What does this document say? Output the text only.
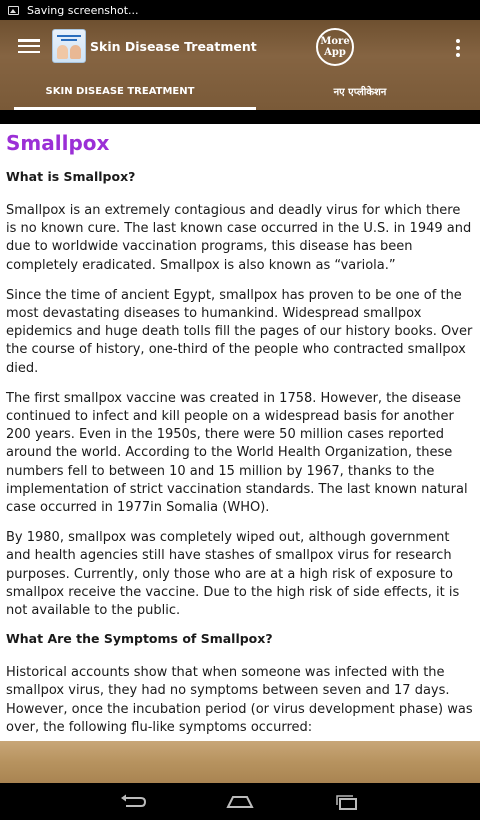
Saving screenshot...
Skin Disease Treatment	More
App
SKIN DISEASE TREATMENT	नए एप्लीकेशन
Smallpox
What is Smallpox?

Smallpox is an extremely contagious and deadly virus for which there is no known cure. The last known case occurred in the U.S. in 1949 and due to worldwide vaccination programs, this disease has been completely eradicated. Smallpox is also known as “variola.”

Since the time of ancient Egypt, smallpox has proven to be one of the most devastating diseases to humankind. Widespread smallpox epidemics and huge death tolls fill the pages of our history books. Over the course of history, one-third of the people who contracted smallpox died.

The first smallpox vaccine was created in 1758. However, the disease continued to infect and kill people on a widespread basis for another 200 years. Even in the 1950s, there were 50 million cases reported around the world. According to the World Health Organization, these numbers fell to between 10 and 15 million by 1967, thanks to the implementation of strict vaccination standards. The last known natural case occurred in 1977in Somalia (WHO).

By 1980, smallpox was completely wiped out, although government and health agencies still have stashes of smallpox virus for research purposes. Currently, only those who are at a high risk of exposure to smallpox receive the vaccine. Due to the high risk of side effects, it is not available to the public.

What Are the Symptoms of Smallpox?

Historical accounts show that when someone was infected with the smallpox virus, they had no symptoms between seven and 17 days. However, once the incubation period (or virus development phase) was over, the following flu-like symptoms occurred:
